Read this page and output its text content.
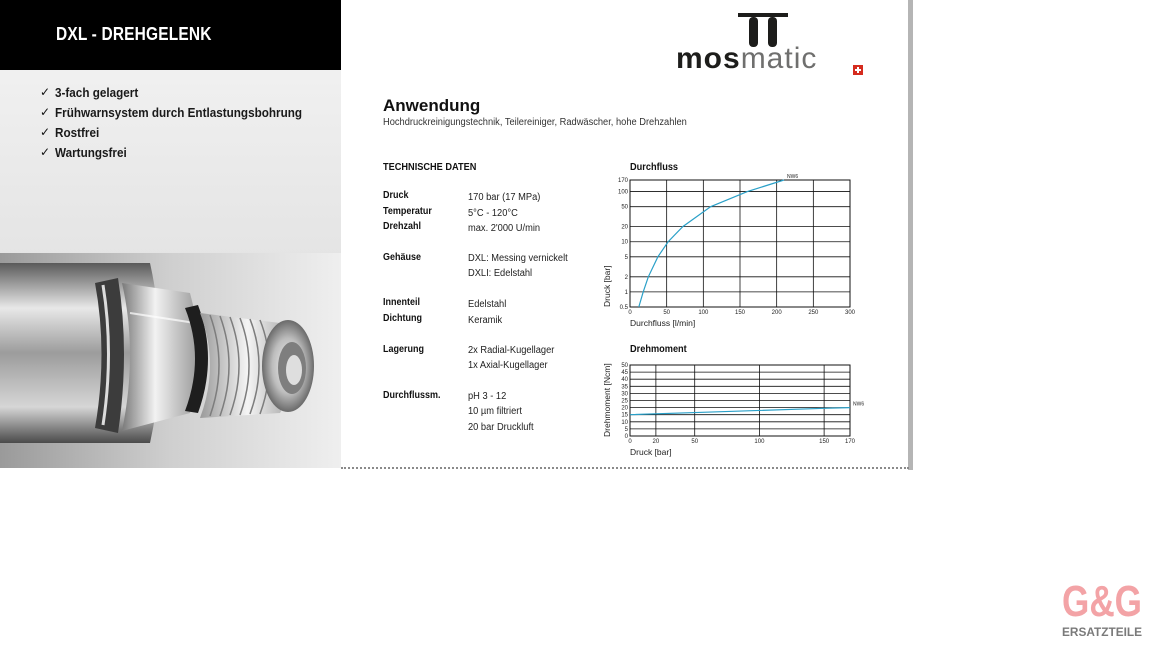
DXL - DREHGELENK
✓ 3-fach gelagert
✓ Frühwarnsystem durch Entlastungsbohrung
✓ Rostfrei
✓ Wartungsfrei
mosmatic
Anwendung
Hochdruckreinigungstechnik, Teilereiniger, Radwäscher, hohe Drehzahlen
TECHNISCHE DATEN
Druck	170 bar (17 MPa)
Temperatur	5°C - 120°C
Drehzahl	max. 2'000 U/min
Gehäuse	DXL: Messing vernickelt
DXLI: Edelstahl
Innenteil	Edelstahl
Dichtung	Keramik
Lagerung	2x Radial-Kugellager
1x Axial-Kugellager
Durchflussm.	pH 3 - 12
10 µm filtriert
20 bar Druckluft
Durchfluss
0.5
1
2
5
10
20
50
100
170
0	50	100	150	200	250	300
NW6
Durchfluss [l/min]
Druck [bar]
Drehmoment
0
5
10
15
20
25
30
35
40
45
50
0	20	50	100	150	170
NW6
Druck [bar]
Drehmoment [Ncm]
G&G
ERSATZTEILE
